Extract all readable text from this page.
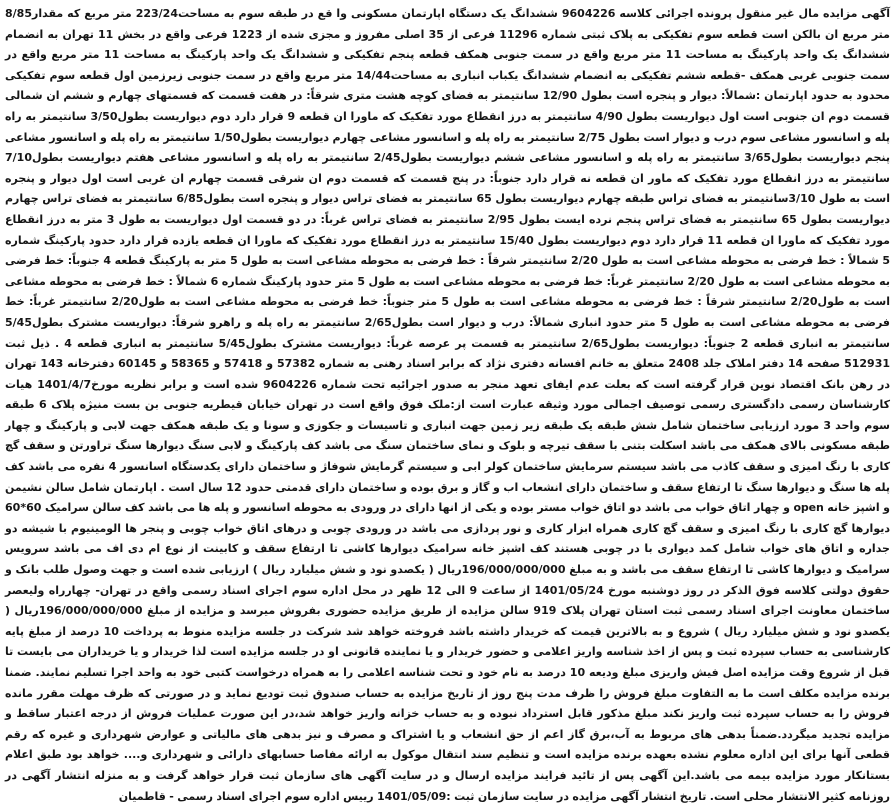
آگهی مزایده مال غیر منقول پرونده اجرائی کلاسه 9604226 ششدانگ یک دستگاه اپارتمان مسکونی وا قع در طبقه سوم به مساحت223/24 متر مربع که مقدار8/85 متر مربع ان بالکن است قطعه سوم تفکیکی به پلاک ثبتی شماره 11296 فرعی از 35 اصلی مفروز و مجزی شده از 1223 فرعی واقع در بخش 11 تهران به انضمام ششدانگ یک واحد پارکینگ به مساحت 11 متر مربع واقع در سمت جنوبی همکف قطعه پنجم تفکیکی و ششدانگ یک واحد پارکینگ به مساحت 11 متر مربع واقع در سمت جنوبی غربی همکف -قطعه ششم تفکیکی به انضمام ششدانگ یکباب انباری به مساحت14/44 متر مربع واقع در سمت جنوبی زیرزمین اول قطعه سوم تفکیکی محدود به حدود اپارتمان :شمالاً: دیوار و پنجره است بطول 12/90 سانتیمتر به فضای کوچه هشت متری شرقاً: در هفت قسمت که قسمتهای چهارم و ششم ان شمالی قسمت دوم ان جنوبی است اول دیواریست بطول 4/90 سانتیمتر به درز انقطاع مورد تفکیک که ماورا ان قطعه 9 قرار دارد دوم دیواریست بطول3/50 سانتیمتر به راه پله و اسانسور مشاعی سوم درب و دیوار است بطول 2/75 سانتیمتر به راه پله و اسانسور مشاعی چهارم دیواریست بطول1/50 سانتیمتر به راه پله و اسانسور مشاعی پنجم دیواریست بطول3/65 سانتیمتر به راه پله و اسانسور مشاعی ششم دیواریست بطول2/45 سانتیمتر به راه پله و اسانسور مشاعی هفتم دیواریست بطول7/10 سانتیمتر به درز انقطاع مورد تفکیک که ماور ان قطعه نه قرار دارد جنوباً: در پنج قسمت که قسمت دوم ان شرقی قسمت چهارم ان غربی است اول دیوار و پنجره است به طول 3/10سانتیمتر به فضای تراس طبقه چهارم دیواریست بطول 65 سانتیمتر به فضای تراس دیوار و پنجره است بطول6/85 سانتیمتر به فضای تراس چهارم دیواریست بطول 65 سانتیمتر به فضای تراس پنجم نرده ایست بطول 2/95 سانتیمتر به فضای تراس غرباً: در دو قسمت اول دیواریست به طول 3 متر به درز انقطاع مورد تفکیک که ماورا ان قطعه 11 قرار دارد دوم دیواریست بطول 15/40 سانتیمتر به درز انقطاع مورد تفکیک که ماورا ان قطعه یازده قرار دارد حدود پارکینگ شماره 5 شمالاً : خط فرضی به محوطه مشاعی است به طول 2/20 سانتیمتر شرقاً : خط فرضی به محوطه مشاعی است به طول 5 متر به پارکینگ قطعه 4 جنوباً: خط فرضی به محوطه مشاعی است به طول 2/20 سانتیمتر غرباً: خط فرضی به محوطه مشاعی است به طول 5 متر حدود پارکینگ شماره 6 شمالاً : خط فرضی به محوطه مشاعی است به طول2/20 سانتیمتر شرقاً : خط فرضی به محوطه مشاعی است به طول 5 متر جنوباً: خط فرضی به محوطه مشاعی است به طول2/20 سانتیمتر غرباً: خط فرضی به محوطه مشاعی است به طول 5 متر حدود انباری شمالاً: درب و دیوار است بطول2/65 سانتیمتر به راه پله و راهرو شرقاً: دیواریست مشترک بطول5/45 سانتیمتر به انباری قطعه 2 جنوباً: دیواریست بطول2/65 سانتیمتر به قسمت پر عرصه غرباً: دیواریست مشترک بطول5/45 سانتیمتر به انباری قطعه 4 . ذیل ثبت 512931 صفحه 14 دفتر املاک جلد 2408 متعلق به خانم افسانه دفتری نژاد که برابر اسناد رهنی به شماره 57382 و 57418 و 58365 و 60145 دفترخانه 143 تهران در رهن بانک اقتصاد نوین قرار گرفته است که بعلت عدم ایفای تعهد منجر به صدور اجرائیه تحت شماره 9604226 شده است و برابر نظریه مورخ1401/4/7 هیات کارشناسان رسمی دادگستری رسمی توصیف اجمالی مورد وثیقه عبارت است از:ملک فوق واقع است در تهران خیابان قیطریه جنوبی بن بست منیژه پلاک 6 طبقه سوم واحد 3 مورد ارزیابی ساختمان شامل شش طبقه یک طبقه زیر زمین جهت انباری و تاسیسات و جکوزی و سونا و یک طبقه همکف جهت لابی و پارکینگ و چهار طبقه مسکونی بالای همکف می باشد اسکلت بتنی با سقف تیرچه و بلوک و نمای ساختمان سنگ می باشد کف پارکینگ و لابی سنگ دیوارها سنگ تراورتن و سقف گچ کاری با رنگ امیزی و سقف کاذب می باشد سیستم سرمایش ساختمان کولر ابی و سیستم گرمایش شوفاژ و ساختمان دارای یکدستگاه اسانسور 4 نفره می باشد کف پله ها سنگ و دیوارها سنگ تا ارتفاع سقف و ساختمان دارای انشعاب اب و گاز و برق بوده و ساختمان دارای قدمتی حدود 12 سال است . اپارتمان شامل سالن نشیمن و اشپز خانه open و چهار اتاق خواب می باشد دو اتاق خواب مستر بوده و یکی از انها دارای در ورودی به محوطه اسانسور و پله ها می باشد کف سالن سرامیک 60*60 دیوارها گچ کاری با رنگ امیزی و سقف گچ کاری همراه ابزار کاری و نور پردازی می باشد در ورودی چوبی و درهای اتاق خواب چوبی و پنجر ها الومینیوم با شیشه دو جداره و اتاق های خواب شامل کمد دیواری با در چوبی هستند کف اشپز خانه سرامیک دیوارها کاشی تا ارتفاع سقف و کابینت از نوع ام دی اف می باشد سرویس سرامیک و دیوارها کاشی تا ارتفاع سقف می باشد و به مبلغ 196/000/000/000ریال ( یکصدو نود و شش میلیارد ریال ) ارزیابی شده است و جهت وصول طلب بانک و حقوق دولتی کلاسه فوق الذکر در روز دوشنبه مورخ 1401/05/24 از ساعت 9 الی 12 ظهر در محل اداره سوم اجرای اسناد رسمی واقع در تهران- چهارراه ولیعصر ساختمان معاونت اجرای اسناد رسمی ثبت استان تهران پلاک 919 سالن مزایده از طریق مزایده حضوری بفروش میرسد و مزایده از مبلغ 196/000/000/000ریال ( یکصدو نود و شش میلیارد ریال ) شروع و به بالاترین قیمت که خریدار داشته باشد فروخته خواهد شد شرکت در جلسه مزایده منوط به پرداخت 10 درصد از مبلغ پایه کارشناسی به حساب سپرده ثبت و پس از اخذ شناسه واریز اعلامی و حضور خریدار و یا نماینده قانونی او در جلسه مزایده است لذا خریدار و یا خریداران می بایست تا قبل از شروع وقت مزایده اصل فیش واریزی مبلغ ودیعه 10 درصد به نام خود و تحت شناسه اعلامی را به همراه درخواست کتبی خود به واحد اجرا تسلیم نمایند. ضمنا برنده مزایده مکلف است ما به التفاوت مبلغ فروش را ظرف مدت پنج روز از تاریخ مزایده به حساب صندوق ثبت تودیع نماید و در صورتی که ظرف مهلت مقرر مانده فروش را به حساب سپرده ثبت واریز نکند مبلغ مذکور قابل استرداد نبوده و به حساب خزانه واریز خواهد شد،در این صورت عملیات فروش از درجه اعتبار ساقط و مزایده تجدید میگردد.ضمناً بدهی های مربوط به آب،برق گاز اعم از حق انشعاب و یا اشتراک و مصرف و نیز بدهی های مالیاتی و عوارض شهرداری و غیره که رقم قطعی آنها برای این اداره معلوم نشده بعهده برنده مزایده است و تنظیم سند انتقال موکول به ارائه مفاصا حسابهای دارائی و شهرداری و.... خواهد بود طبق اعلام بستانکار مورد مزایده بیمه می باشد.این آگهی پس از تائید فرایند مزایده ارسال و در سایت آگهی های سازمان ثبت قرار خواهد گرفت و به منزله انتشار آگهی در روزنامه کثیر الانتشار محلی است. تاریخ انتشار آگهی مزایده در سایت سازمان ثبت :1401/05/09 رییس اداره سوم اجرای اسناد رسمی - قاطمیان
